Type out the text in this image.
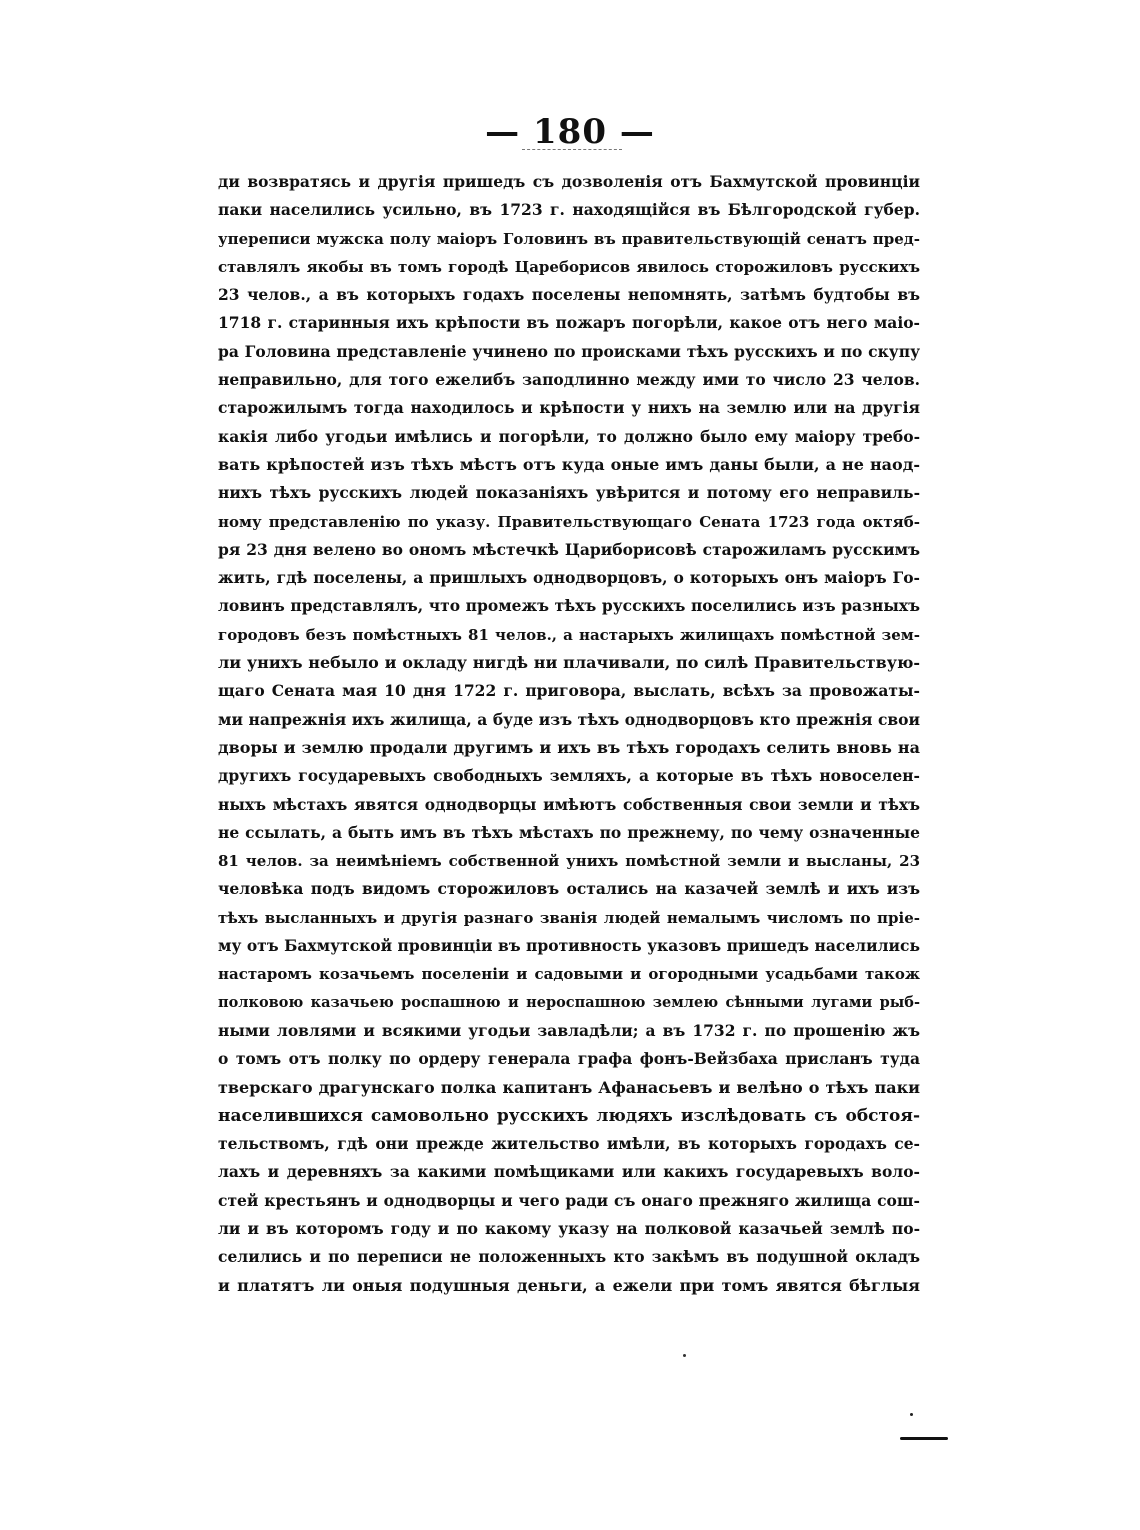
— 180 —
ди возвратясь и другія пришедъ съ дозволенія отъ Бахмутской провинціи
паки населились усильно, въ 1723 г. находящійся въ Бѣлгородской губер.
упереписи мужска полу маіоръ Головинъ въ правительствующій сенатъ пред-
ставлялъ якобы въ томъ городѣ Цареборисов явилось сторожиловъ русскихъ
23 челов., а въ которыхъ годахъ поселены непомнять, затѣмъ будтобы въ
1718 г. старинныя ихъ крѣпости въ пожаръ погорѣли, какое отъ него маіо-
ра Головина представленіе учинено по происками тѣхъ русскихъ и по скупу
неправильно, для того ежелибъ заподлинно между ими то число 23 челов.
старожилымъ тогда находилось и крѣпости у нихъ на землю или на другія
какія либо угодьи имѣлись и погорѣли, то должно было ему маіору требо-
вать крѣпостей изъ тѣхъ мѣстъ отъ куда оные имъ даны были, а не наод-
нихъ тѣхъ русскихъ людей показаніяхъ увѣрится и потому его неправиль-
ному представленію по указу. Правительствующаго Сената 1723 года октяб-
ря 23 дня велено во ономъ мѣстечкѣ Цариборисовѣ старожиламъ русскимъ
жить, гдѣ поселены, а пришлыхъ однодворцовъ, о которыхъ онъ маіоръ Го-
ловинъ представлялъ, что промежъ тѣхъ русскихъ поселились изъ разныхъ
городовъ безъ помѣстныхъ 81 челов., а настарыхъ жилищахъ помѣстной зем-
ли унихъ небыло и окладу нигдѣ ни плачивали, по силѣ Правительствую-
щаго Сената мая 10 дня 1722 г. приговора, выслать, всѣхъ за провожаты-
ми напрежнія ихъ жилища, а буде изъ тѣхъ однодворцовъ кто прежнія свои
дворы и землю продали другимъ и ихъ въ тѣхъ городахъ селить вновь на
другихъ государевыхъ свободныхъ земляхъ, а которые въ тѣхъ новоселен-
ныхъ мѣстахъ явятся однодворцы имѣютъ собственныя свои земли и тѣхъ
не ссылать, а быть имъ въ тѣхъ мѣстахъ по прежнему, по чему означенные
81 челов. за неимѣніемъ собственной унихъ помѣстной земли и высланы, 23
человѣка подъ видомъ сторожиловъ остались на казачей землѣ и ихъ изъ
тѣхъ высланныхъ и другія разнаго званія людей немалымъ числомъ по пріе-
му отъ Бахмутской провинціи въ противность указовъ пришедъ населились
настаромъ козачьемъ поселеніи и садовыми и огородными усадьбами також
полковою казачьею роспашною и нероспашною землею сѣнными лугами рыб-
ными ловлями и всякими угодьи завладѣли; а въ 1732 г. по прошенію жъ
о томъ отъ полку по ордеру генерала графа фонъ-Вейзбаха присланъ туда
тверскаго драгунскаго полка капитанъ Афанасьевъ и велѣно о тѣхъ паки
населившихся самовольно русскихъ людяхъ изслѣдовать съ обстоя-
тельствомъ, гдѣ они прежде жительство имѣли, въ которыхъ городахъ се-
лахъ и деревняхъ за какими помѣщиками или какихъ государевыхъ воло-
стей крестьянъ и однодворцы и чего ради съ онаго прежняго жилища сош-
ли и въ которомъ году и по какому указу на полковой казачьей землѣ по-
селились и по переписи не положенныхъ кто закѣмъ въ подушной окладъ
и платятъ ли оныя подушныя деньги, а ежели при томъ явятся бѣглыя
